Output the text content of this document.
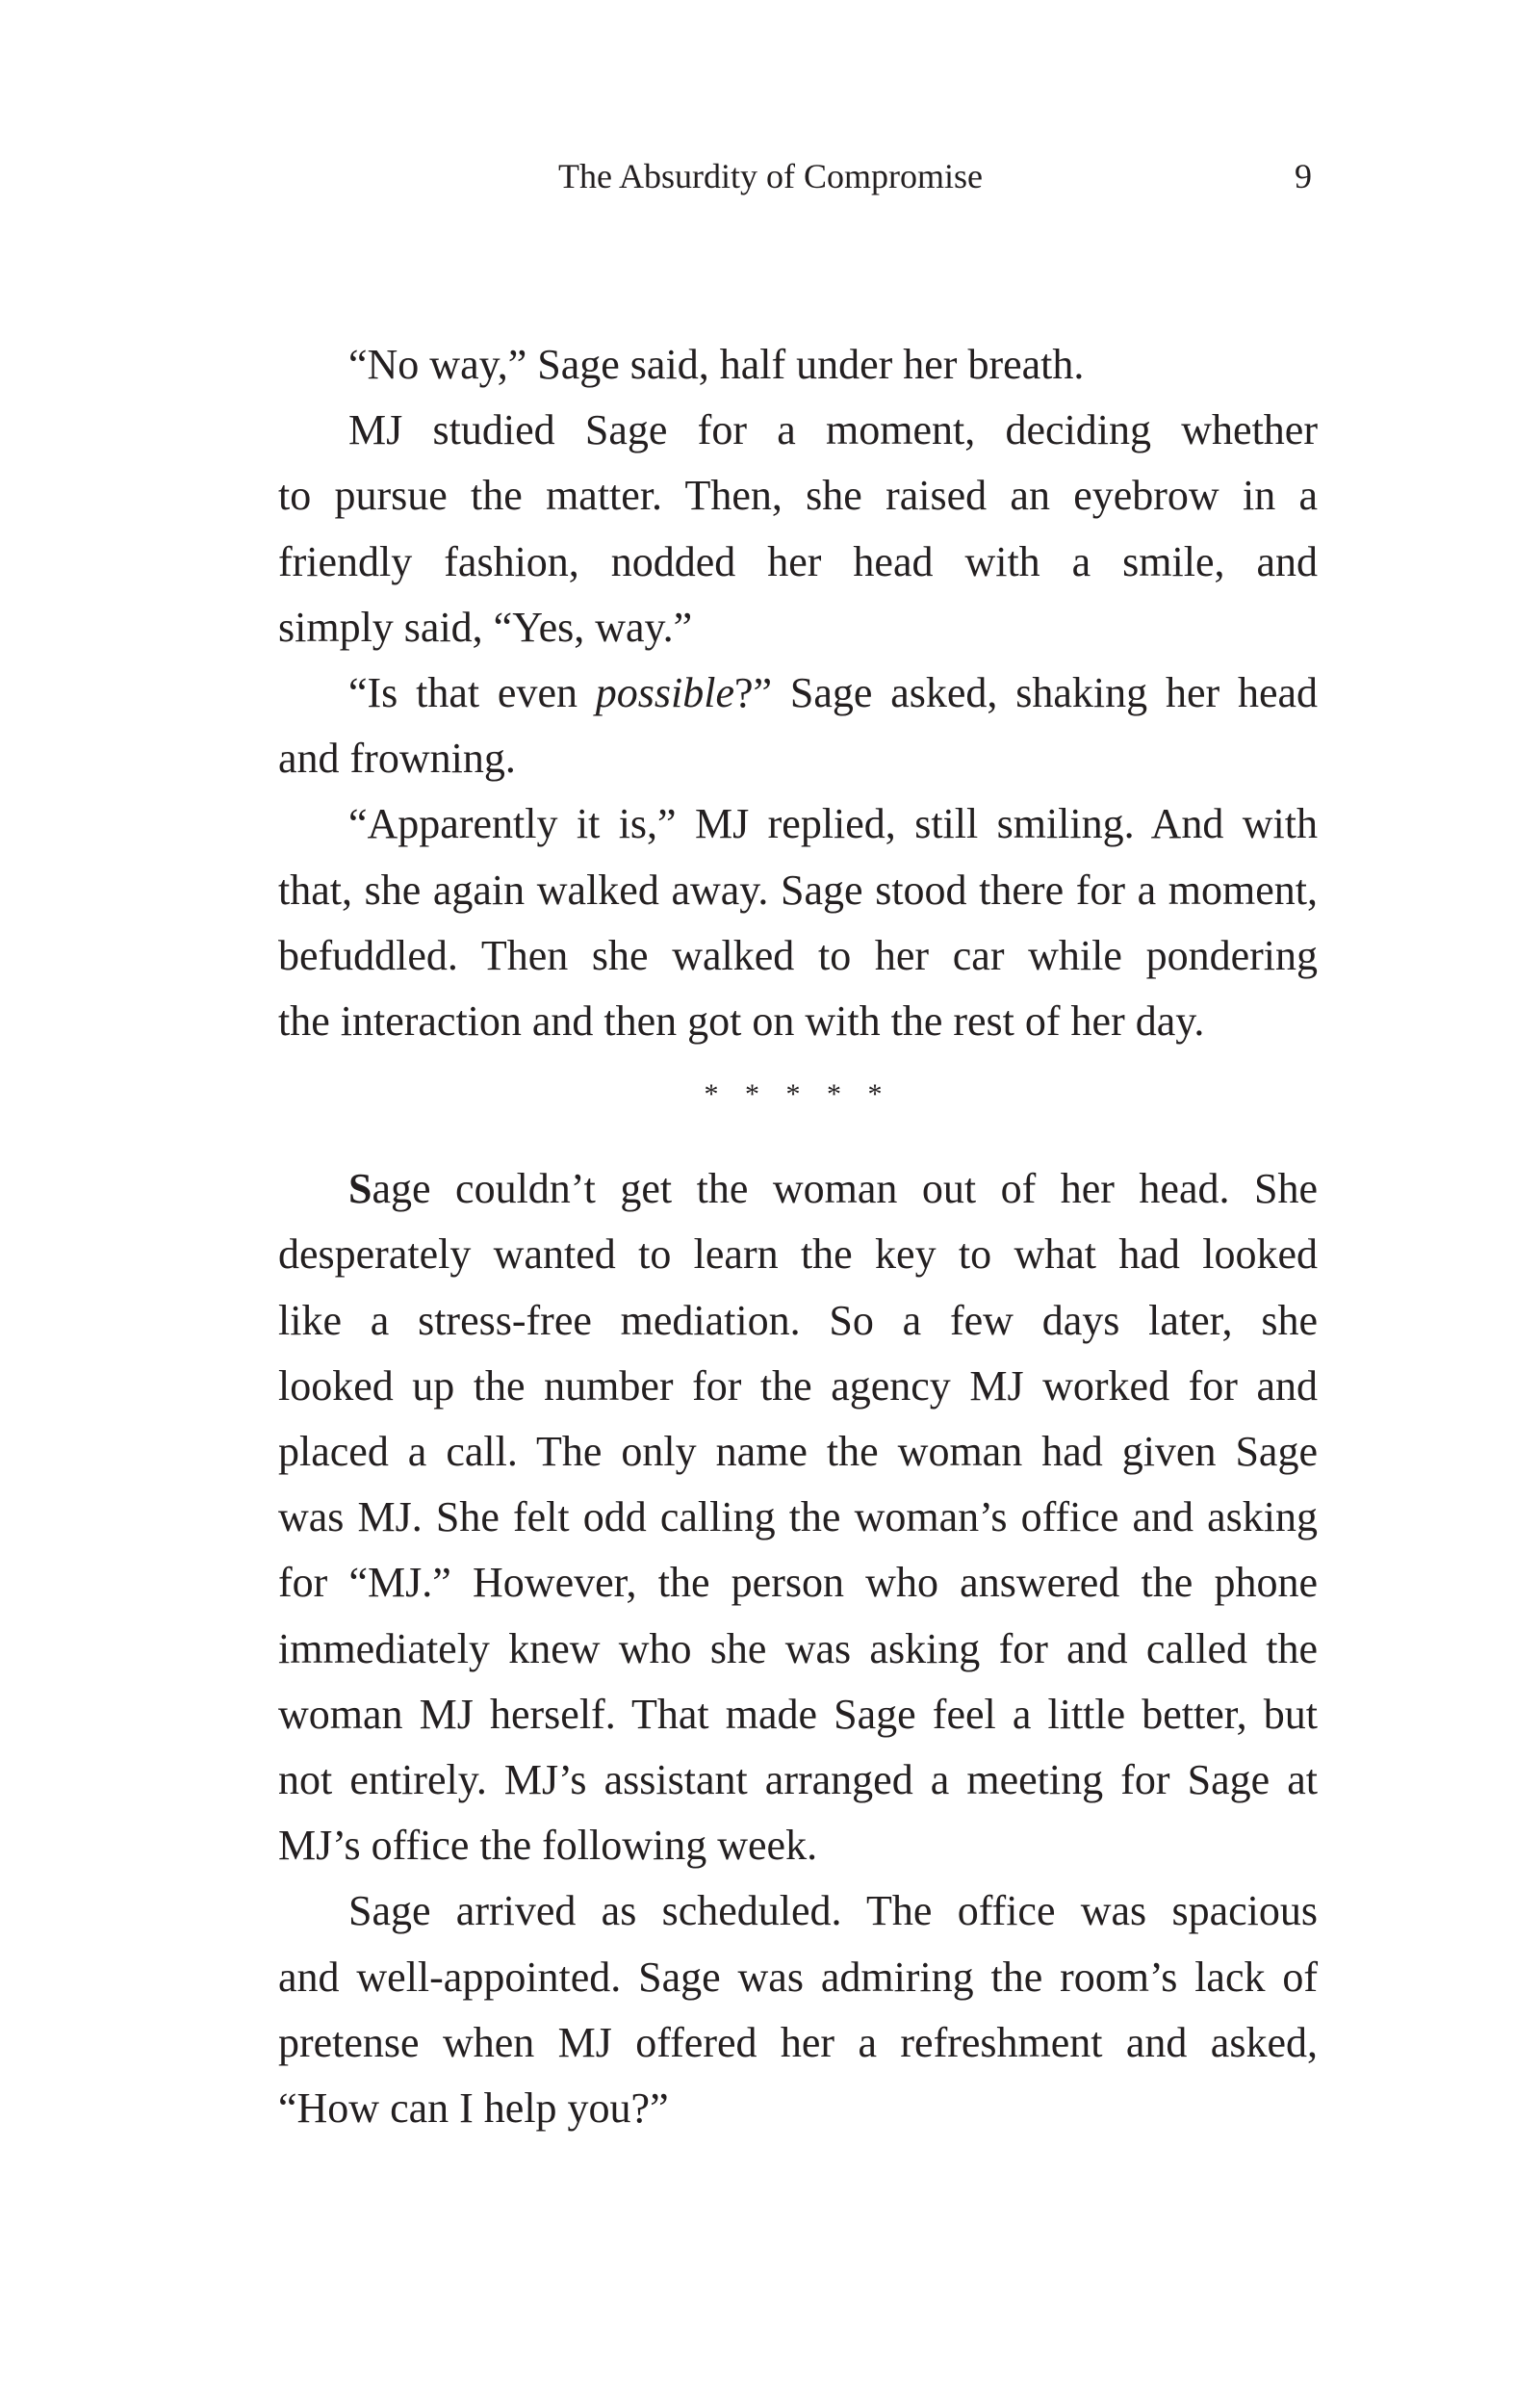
The Absurdity of Compromise	9

“No way,” Sage said, half under her breath.

MJ studied Sage for a moment, deciding whether
to pursue the matter. Then, she raised an eyebrow in a
friendly fashion, nodded her head with a smile, and
simply said, “Yes, way.”

“Is that even possible?” Sage asked, shaking her head
and frowning.

“Apparently it is,” MJ replied, still smiling. And with
that, she again walked away. Sage stood there for a moment,
befuddled. Then she walked to her car while pondering
the interaction and then got on with the rest of her day.

* * * * *

Sage couldn’t get the woman out of her head. She
desperately wanted to learn the key to what had looked
like a stress-free mediation. So a few days later, she
looked up the number for the agency MJ worked for and
placed a call. The only name the woman had given Sage
was MJ. She felt odd calling the woman’s office and asking
for “MJ.” However, the person who answered the phone
immediately knew who she was asking for and called the
woman MJ herself. That made Sage feel a little better, but
not entirely. MJ’s assistant arranged a meeting for Sage at
MJ’s office the following week.

Sage arrived as scheduled. The office was spacious
and well-appointed. Sage was admiring the room’s lack of
pretense when MJ offered her a refreshment and asked,
“How can I help you?”
